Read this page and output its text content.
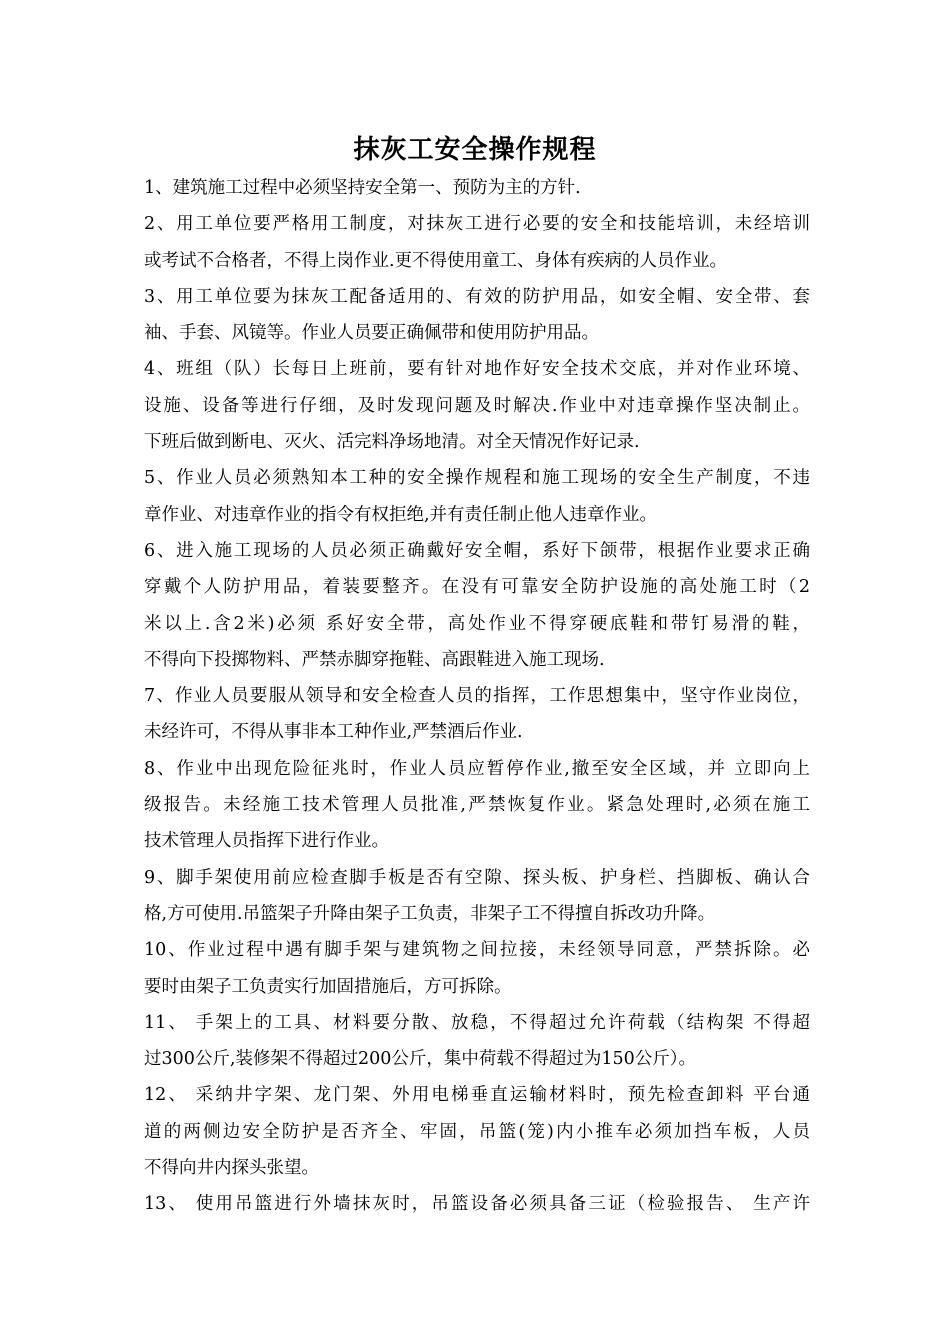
抹灰工安全操作规程
1、建筑施工过程中必须坚持安全第一、预防为主的方针.
2、用工单位要严格用工制度，对抹灰工进行必要的安全和技能培训，未经培训
或考试不合格者，不得上岗作业.更不得使用童工、身体有疾病的人员作业。
3、用工单位要为抹灰工配备适用的、有效的防护用品，如安全帽、安全带、套
袖、手套、风镜等。作业人员要正确佩带和使用防护用品。
4、班组（队）长每日上班前，要有针对地作好安全技术交底，并对作业环境、
设施、设备等进行仔细，及时发现问题及时解决.作业中对违章操作坚决制止。
下班后做到断电、灭火、活完料净场地清。对全天情况作好记录.
5、作业人员必须熟知本工种的安全操作规程和施工现场的安全生产制度，不违
章作业、对违章作业的指令有权拒绝,并有责任制止他人违章作业。
6、进入施工现场的人员必须正确戴好安全帽，系好下颌带，根据作业要求正确
穿戴个人防护用品，着装要整齐。在没有可靠安全防护设施的高处施工时（2
米以上.含2米)必须 系好安全带，高处作业不得穿硬底鞋和带钉易滑的鞋，
不得向下投掷物料、严禁赤脚穿拖鞋、高跟鞋进入施工现场.
7、作业人员要服从领导和安全检查人员的指挥，工作思想集中，坚守作业岗位，
未经许可，不得从事非本工种作业,严禁酒后作业.
8、作业中出现危险征兆时，作业人员应暂停作业,撤至安全区域，并 立即向上
级报告。未经施工技术管理人员批准,严禁恢复作业。紧急处理时,必须在施工
技术管理人员指挥下进行作业。
9、脚手架使用前应检查脚手板是否有空隙、探头板、护身栏、挡脚板、确认合
格,方可使用.吊篮架子升降由架子工负责，非架子工不得擅自拆改功升降。
10、作业过程中遇有脚手架与建筑物之间拉接，未经领导同意，严禁拆除。必
要时由架子工负责实行加固措施后，方可拆除。
11、 手架上的工具、材料要分散、放稳，不得超过允许荷载（结构架 不得超
过300公斤,装修架不得超过200公斤，集中荷载不得超过为150公斤）。
12、 采纳井字架、龙门架、外用电梯垂直运输材料时，预先检查卸料 平台通
道的两侧边安全防护是否齐全、牢固，吊篮(笼)内小推车必须加挡车板，人员
不得向井内探头张望。
13、 使用吊篮进行外墙抹灰时，吊篮设备必须具备三证（检验报告、 生产许
